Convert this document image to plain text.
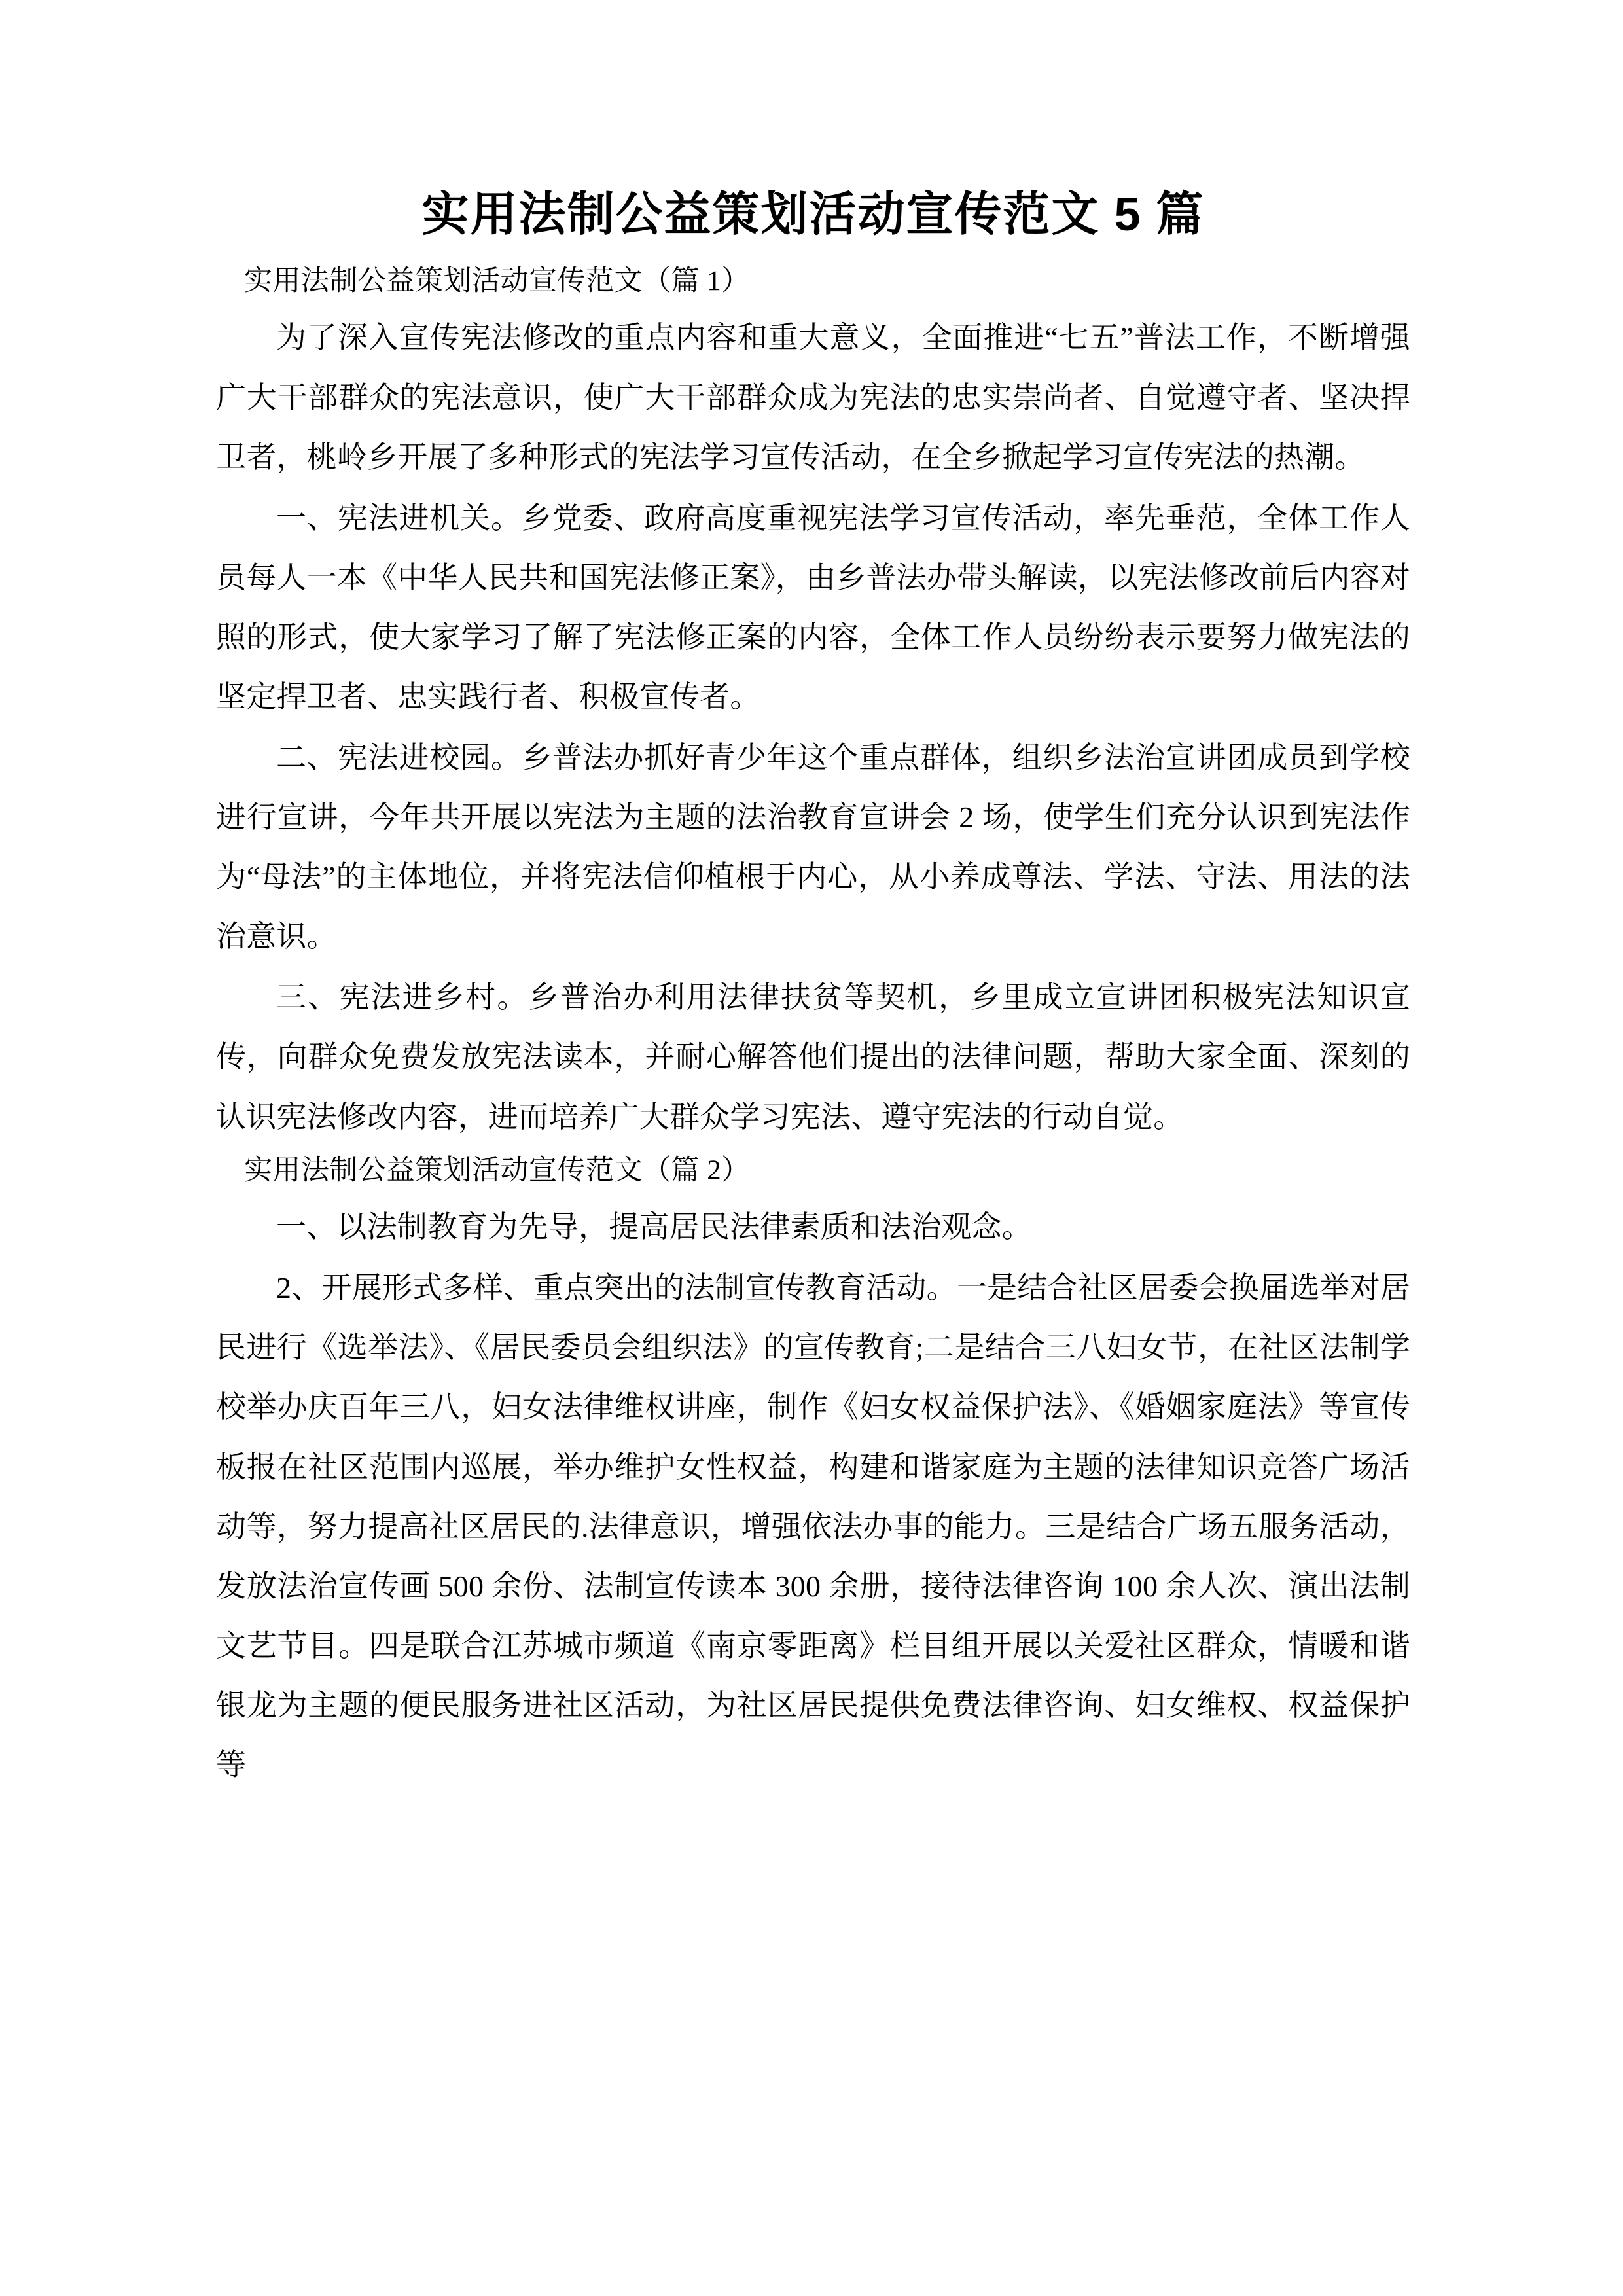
实用法制公益策划活动宣传范文 5 篇

实用法制公益策划活动宣传范文（篇 1）

为了深入宣传宪法修改的重点内容和重大意义，全面推进“七五”普法工作，不断增强广大干部群众的宪法意识，使广大干部群众成为宪法的忠实崇尚者、自觉遵守者、坚决捍卫者，桃岭乡开展了多种形式的宪法学习宣传活动，在全乡掀起学习宣传宪法的热潮。

一、宪法进机关。乡党委、政府高度重视宪法学习宣传活动，率先垂范，全体工作人员每人一本《中华人民共和国宪法修正案》，由乡普法办带头解读，以宪法修改前后内容对照的形式，使大家学习了解了宪法修正案的内容，全体工作人员纷纷表示要努力做宪法的坚定捍卫者、忠实践行者、积极宣传者。

二、宪法进校园。乡普法办抓好青少年这个重点群体，组织乡法治宣讲团成员到学校进行宣讲，今年共开展以宪法为主题的法治教育宣讲会 2 场，使学生们充分认识到宪法作为“母法”的主体地位，并将宪法信仰植根于内心，从小养成尊法、学法、守法、用法的法治意识。

三、宪法进乡村。乡普治办利用法律扶贫等契机，乡里成立宣讲团积极宪法知识宣传，向群众免费发放宪法读本，并耐心解答他们提出的法律问题，帮助大家全面、深刻的认识宪法修改内容，进而培养广大群众学习宪法、遵守宪法的行动自觉。

实用法制公益策划活动宣传范文（篇 2）

一、以法制教育为先导，提高居民法律素质和法治观念。

2、开展形式多样、重点突出的法制宣传教育活动。一是结合社区居委会换届选举对居民进行《选举法》、《居民委员会组织法》的宣传教育;二是结合三八妇女节，在社区法制学校举办庆百年三八，妇女法律维权讲座，制作《妇女权益保护法》、《婚姻家庭法》等宣传板报在社区范围内巡展，举办维护女性权益，构建和谐家庭为主题的法律知识竞答广场活动等，努力提高社区居民的.法律意识，增强依法办事的能力。三是结合广场五服务活动，发放法治宣传画 500 余份、法制宣传读本 300 余册，接待法律咨询 100 余人次、演出法制文艺节目。四是联合江苏城市频道《南京零距离》栏目组开展以关爱社区群众，情暖和谐银龙为主题的便民服务进社区活动，为社区居民提供免费法律咨询、妇女维权、权益保护等
